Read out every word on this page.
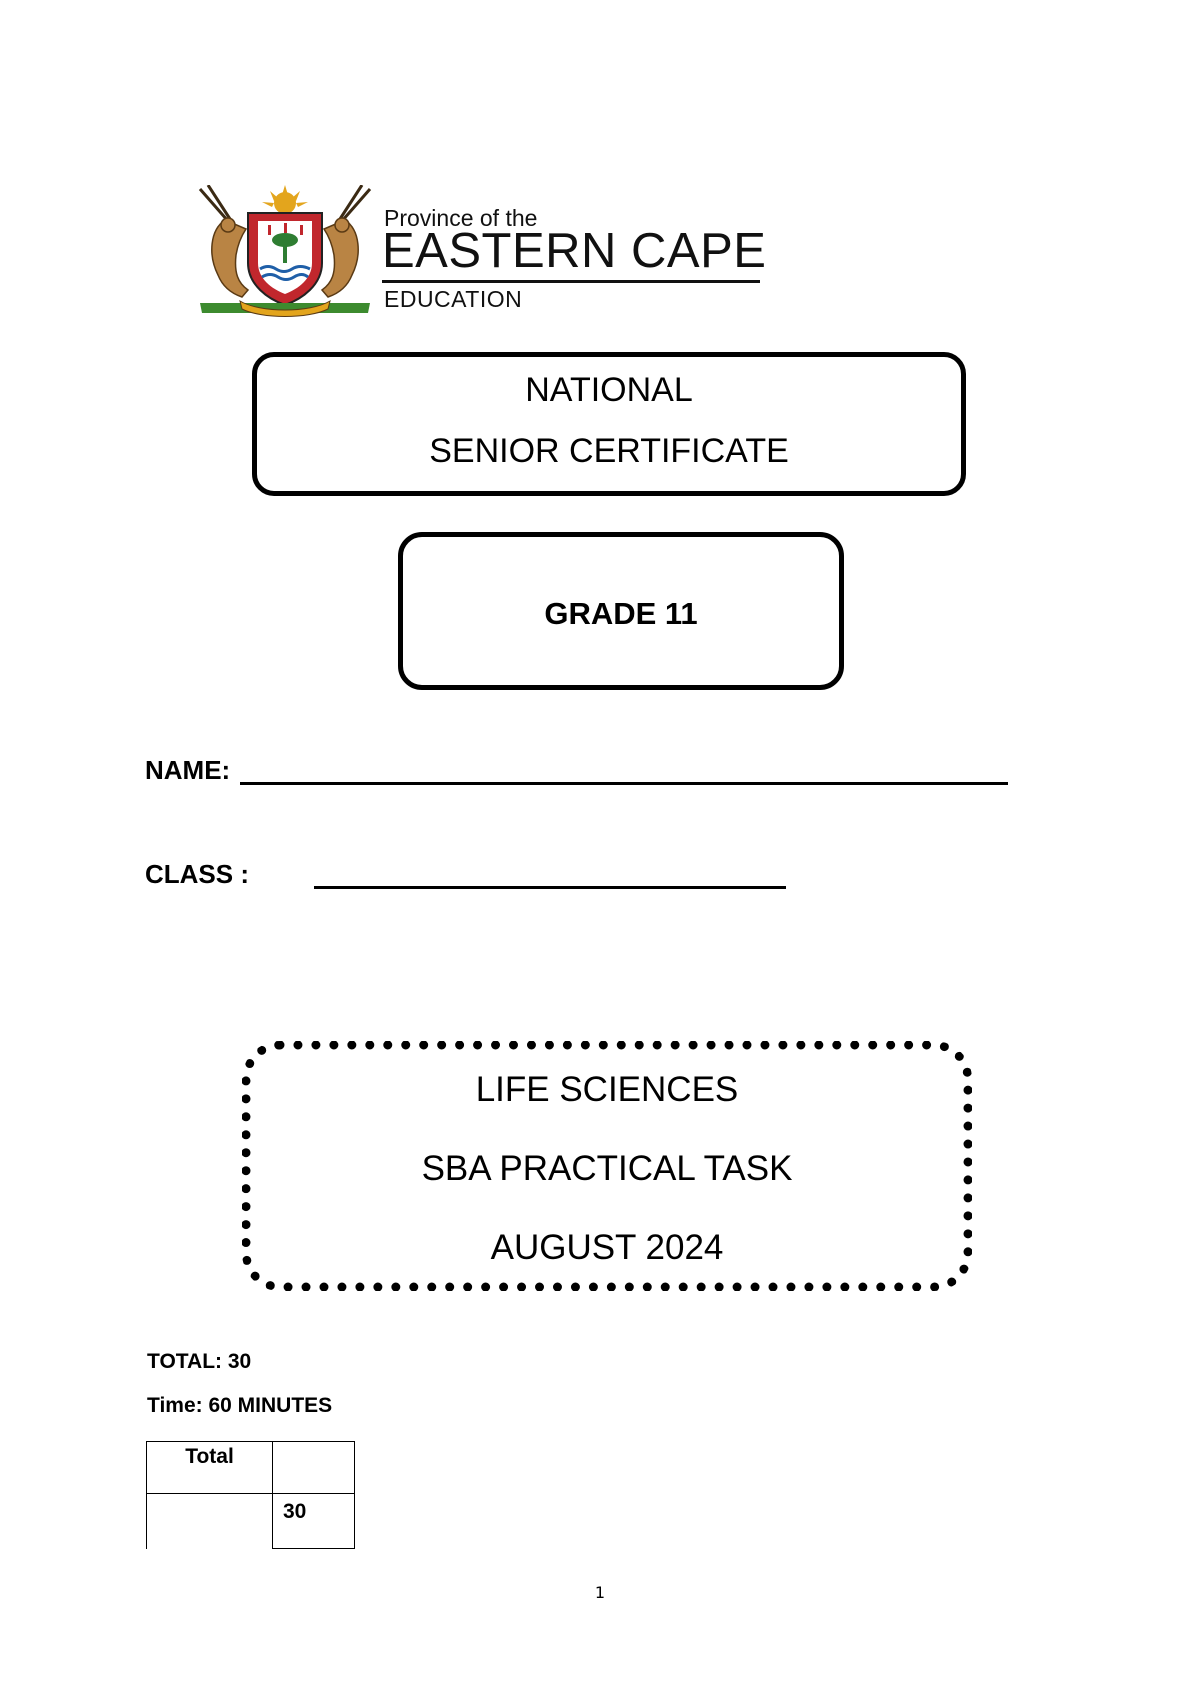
Province of the
EASTERN CAPE
EDUCATION
NATIONAL
SENIOR CERTIFICATE
GRADE 11
NAME:
CLASS :
LIFE SCIENCES
SBA PRACTICAL TASK
AUGUST 2024
TOTAL: 30
Time: 60 MINUTES
Total	
	30
1
